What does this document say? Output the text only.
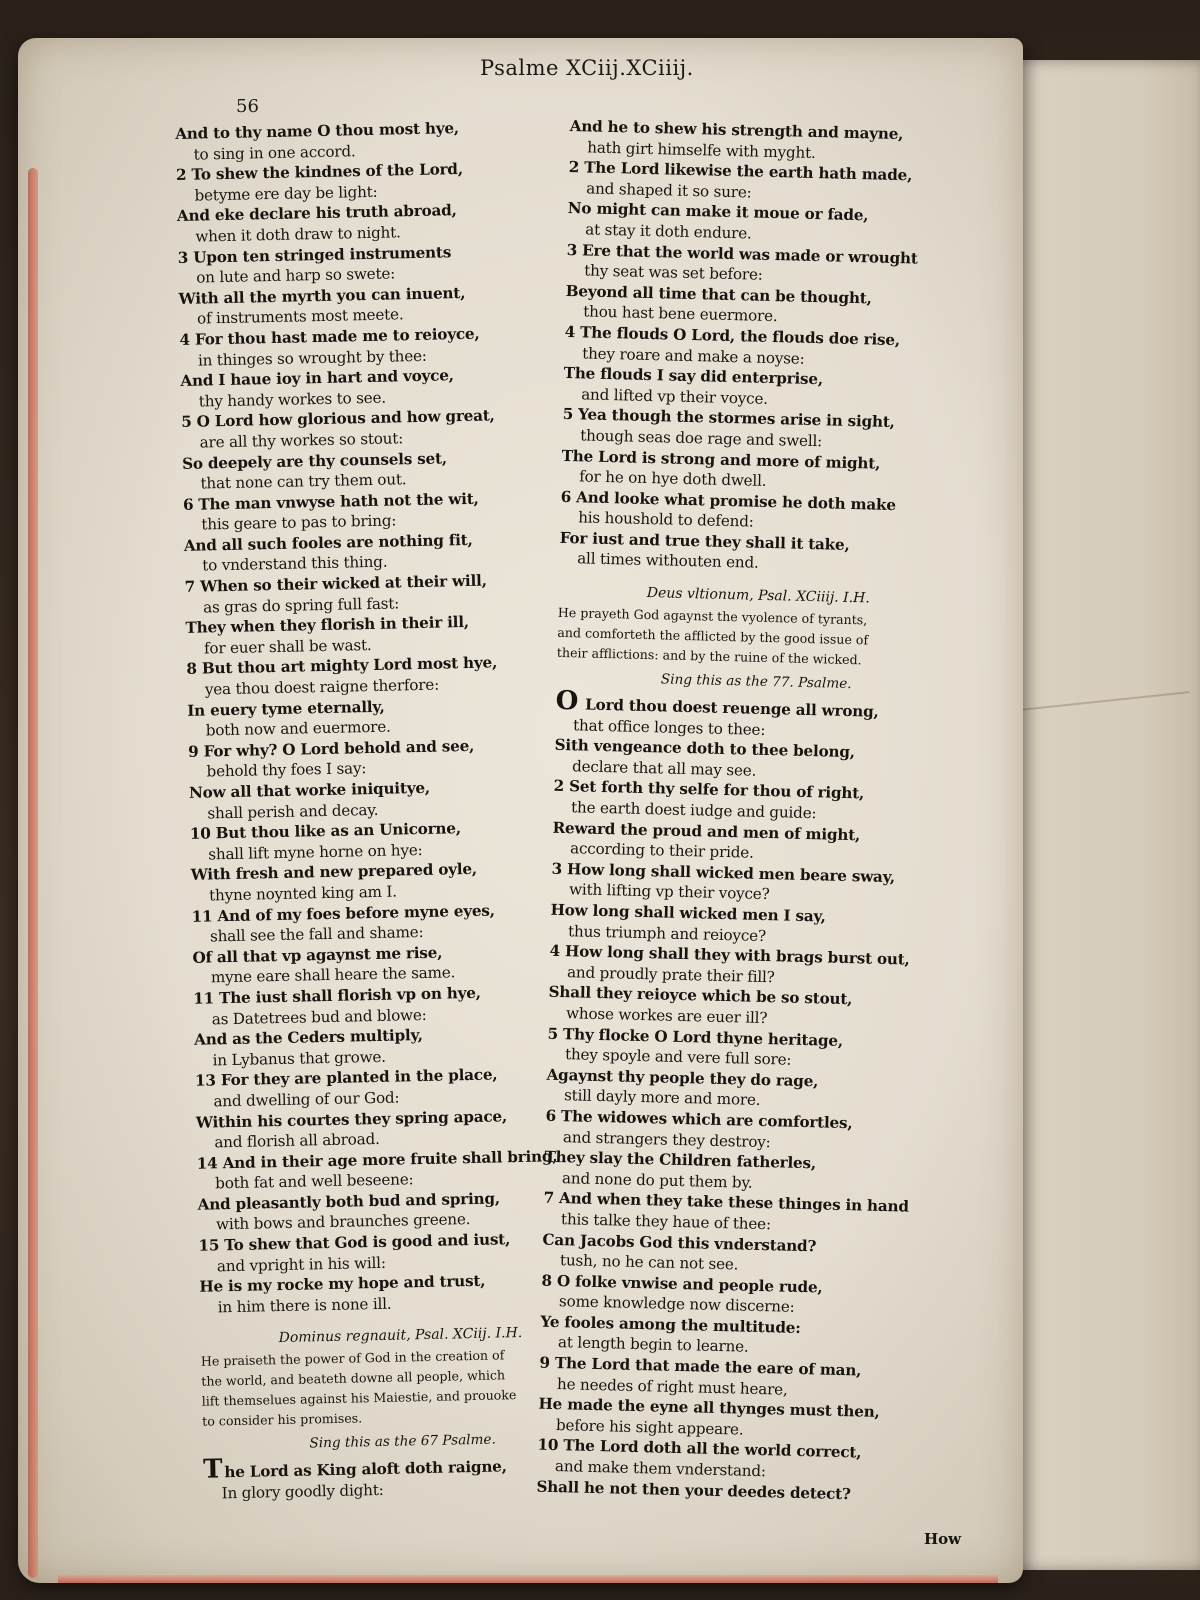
Psalme XCiij.XCiiij.
56
And to thy name O thou most hye,
to sing in one accord.
2 To shew the kindnes of the Lord,
betyme ere day be light:
And eke declare his truth abroad,
when it doth draw to night.
3 Upon ten stringed instruments
on lute and harp so swete:
With all the myrth you can inuent,
of instruments most meete.
4 For thou hast made me to reioyce,
in thinges so wrought by thee:
And I haue ioy in hart and voyce,
thy handy workes to see.
5 O Lord how glorious and how great,
are all thy workes so stout:
So deepely are thy counsels set,
that none can try them out.
6 The man vnwyse hath not the wit,
this geare to pas to bring:
And all such fooles are nothing fit,
to vnderstand this thing.
7 When so their wicked at their will,
as gras do spring full fast:
They when they florish in their ill,
for euer shall be wast.
8 But thou art mighty Lord most hye,
yea thou doest raigne therfore:
In euery tyme eternally,
both now and euermore.
9 For why? O Lord behold and see,
behold thy foes I say:
Now all that worke iniquitye,
shall perish and decay.
10 But thou like as an Unicorne,
shall lift myne horne on hye:
With fresh and new prepared oyle,
thyne noynted king am I.
11 And of my foes before myne eyes,
shall see the fall and shame:
Of all that vp agaynst me rise,
myne eare shall heare the same.
11 The iust shall florish vp on hye,
as Datetrees bud and blowe:
And as the Ceders multiply,
in Lybanus that growe.
13 For they are planted in the place,
and dwelling of our God:
Within his courtes they spring apace,
and florish all abroad.
14 And in their age more fruite shall bring,
both fat and well beseene:
And pleasantly both bud and spring,
with bows and braunches greene.
15 To shew that God is good and iust,
and vpright in his will:
He is my rocke my hope and trust,
in him there is none ill.
Dominus regnauit, Psal. XCiij. I.H.
He praiseth the power of God in the creation of
the world, and beateth downe all people, which
lift themselues against his Maiestie, and prouoke
to consider his promises.
Sing this as the 67 Psalme.
The Lord as King aloft doth raigne,
In glory goodly dight:
And he to shew his strength and mayne,
hath girt himselfe with myght.
2 The Lord likewise the earth hath made,
and shaped it so sure:
No might can make it moue or fade,
at stay it doth endure.
3 Ere that the world was made or wrought
thy seat was set before:
Beyond all time that can be thought,
thou hast bene euermore.
4 The flouds O Lord, the flouds doe rise,
they roare and make a noyse:
The flouds I say did enterprise,
and lifted vp their voyce.
5 Yea though the stormes arise in sight,
though seas doe rage and swell:
The Lord is strong and more of might,
for he on hye doth dwell.
6 And looke what promise he doth make
his houshold to defend:
For iust and true they shall it take,
all times withouten end.
Deus vltionum, Psal. XCiiij. I.H.
He prayeth God agaynst the vyolence of tyrants,
and comforteth the afflicted by the good issue of
their afflictions: and by the ruine of the wicked.
Sing this as the 77. Psalme.
O Lord thou doest reuenge all wrong,
that office longes to thee:
Sith vengeance doth to thee belong,
declare that all may see.
2 Set forth thy selfe for thou of right,
the earth doest iudge and guide:
Reward the proud and men of might,
according to their pride.
3 How long shall wicked men beare sway,
with lifting vp their voyce?
How long shall wicked men I say,
thus triumph and reioyce?
4 How long shall they with brags burst out,
and proudly prate their fill?
Shall they reioyce which be so stout,
whose workes are euer ill?
5 Thy flocke O Lord thyne heritage,
they spoyle and vere full sore:
Agaynst thy people they do rage,
still dayly more and more.
6 The widowes which are comfortles,
and strangers they destroy:
They slay the Children fatherles,
and none do put them by.
7 And when they take these thinges in hand
this talke they haue of thee:
Can Jacobs God this vnderstand?
tush, no he can not see.
8 O folke vnwise and people rude,
some knowledge now discerne:
Ye fooles among the multitude:
at length begin to learne.
9 The Lord that made the eare of man,
he needes of right must heare,
He made the eyne all thynges must then,
before his sight appeare.
10 The Lord doth all the world correct,
and make them vnderstand:
Shall he not then your deedes detect?
How
